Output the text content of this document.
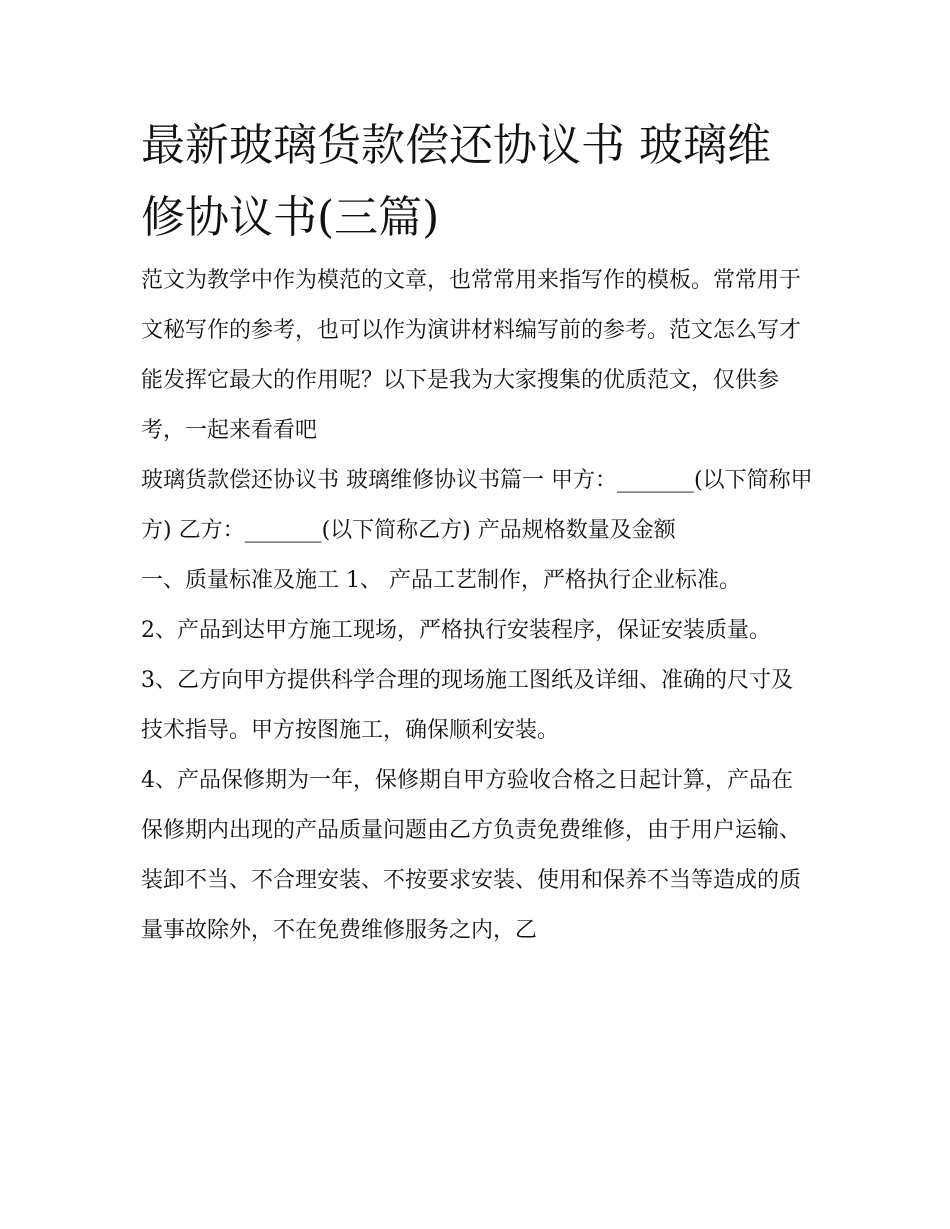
最新玻璃货款偿还协议书 玻璃维修协议书(三篇)

范文为教学中作为模范的文章，也常常用来指写作的模板。常常用于文秘写作的参考，也可以作为演讲材料编写前的参考。范文怎么写才能发挥它最大的作用呢？以下是我为大家搜集的优质范文，仅供参考，一起来看看吧

玻璃货款偿还协议书 玻璃维修协议书篇一 甲方：_______(以下简称甲方) 乙方：_______(以下简称乙方) 产品规格数量及金额

一、质量标准及施工 1、 产品工艺制作，严格执行企业标准。

2、产品到达甲方施工现场，严格执行安装程序，保证安装质量。

3、乙方向甲方提供科学合理的现场施工图纸及详细、准确的尺寸及技术指导。甲方按图施工，确保顺利安装。

4、产品保修期为一年，保修期自甲方验收合格之日起计算，产品在保修期内出现的产品质量问题由乙方负责免费维修，由于用户运输、装卸不当、不合理安装、不按要求安装、使用和保养不当等造成的质量事故除外，不在免费维修服务之内，乙
